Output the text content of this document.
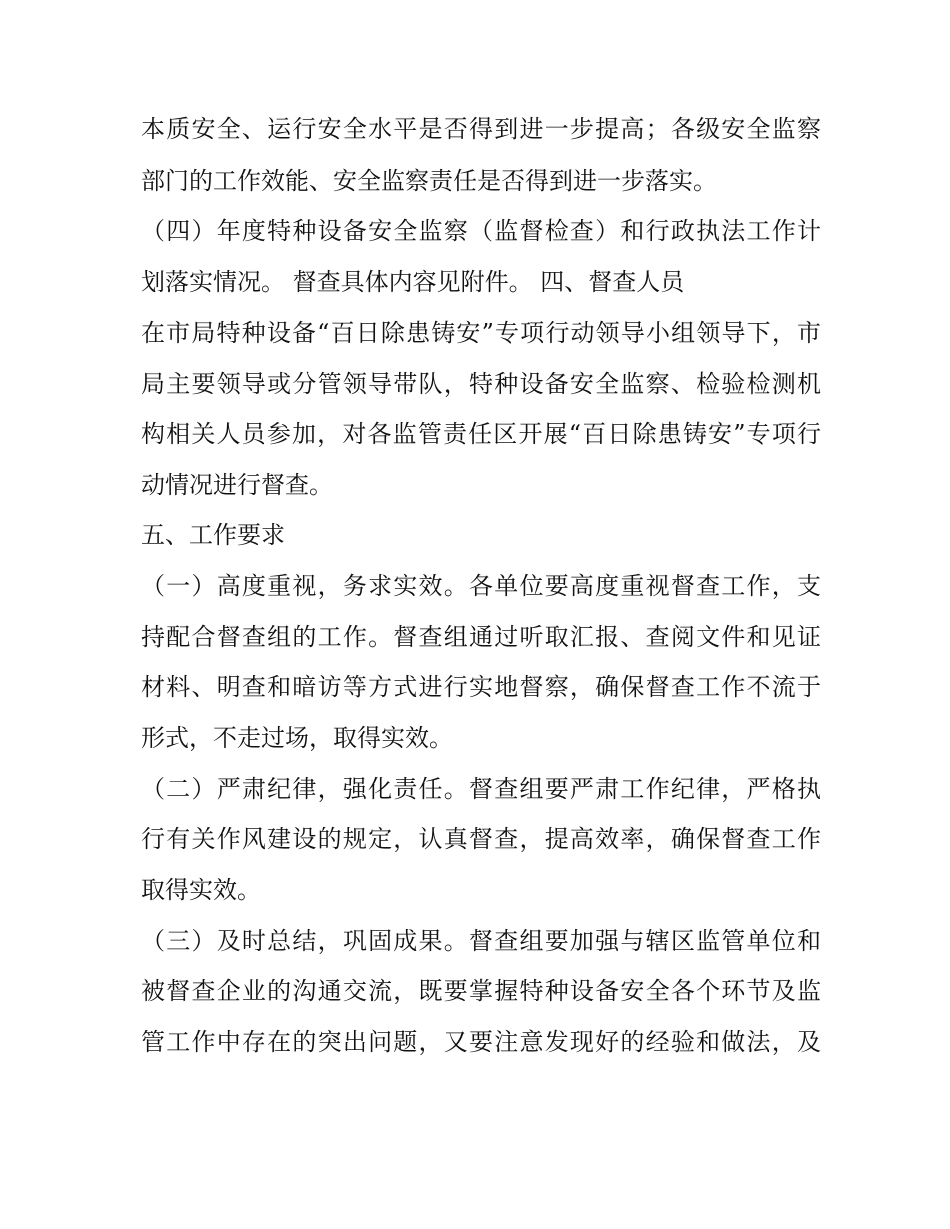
本质安全、运行安全水平是否得到进一步提高；各级安全监察
部门的工作效能、安全监察责任是否得到进一步落实。
（四）年度特种设备安全监察（监督检查）和行政执法工作计
划落实情况。 督查具体内容见附件。 四、督查人员
在市局特种设备“百日除患铸安”专项行动领导小组领导下，市
局主要领导或分管领导带队，特种设备安全监察、检验检测机
构相关人员参加，对各监管责任区开展“百日除患铸安”专项行
动情况进行督查。
五、工作要求
（一）高度重视，务求实效。各单位要高度重视督查工作，支
持配合督查组的工作。督查组通过听取汇报、查阅文件和见证
材料、明查和暗访等方式进行实地督察，确保督查工作不流于
形式，不走过场，取得实效。
（二）严肃纪律，强化责任。督查组要严肃工作纪律，严格执
行有关作风建设的规定，认真督查，提高效率，确保督查工作
取得实效。
（三）及时总结，巩固成果。督查组要加强与辖区监管单位和
被督查企业的沟通交流，既要掌握特种设备安全各个环节及监
管工作中存在的突出问题，又要注意发现好的经验和做法，及
